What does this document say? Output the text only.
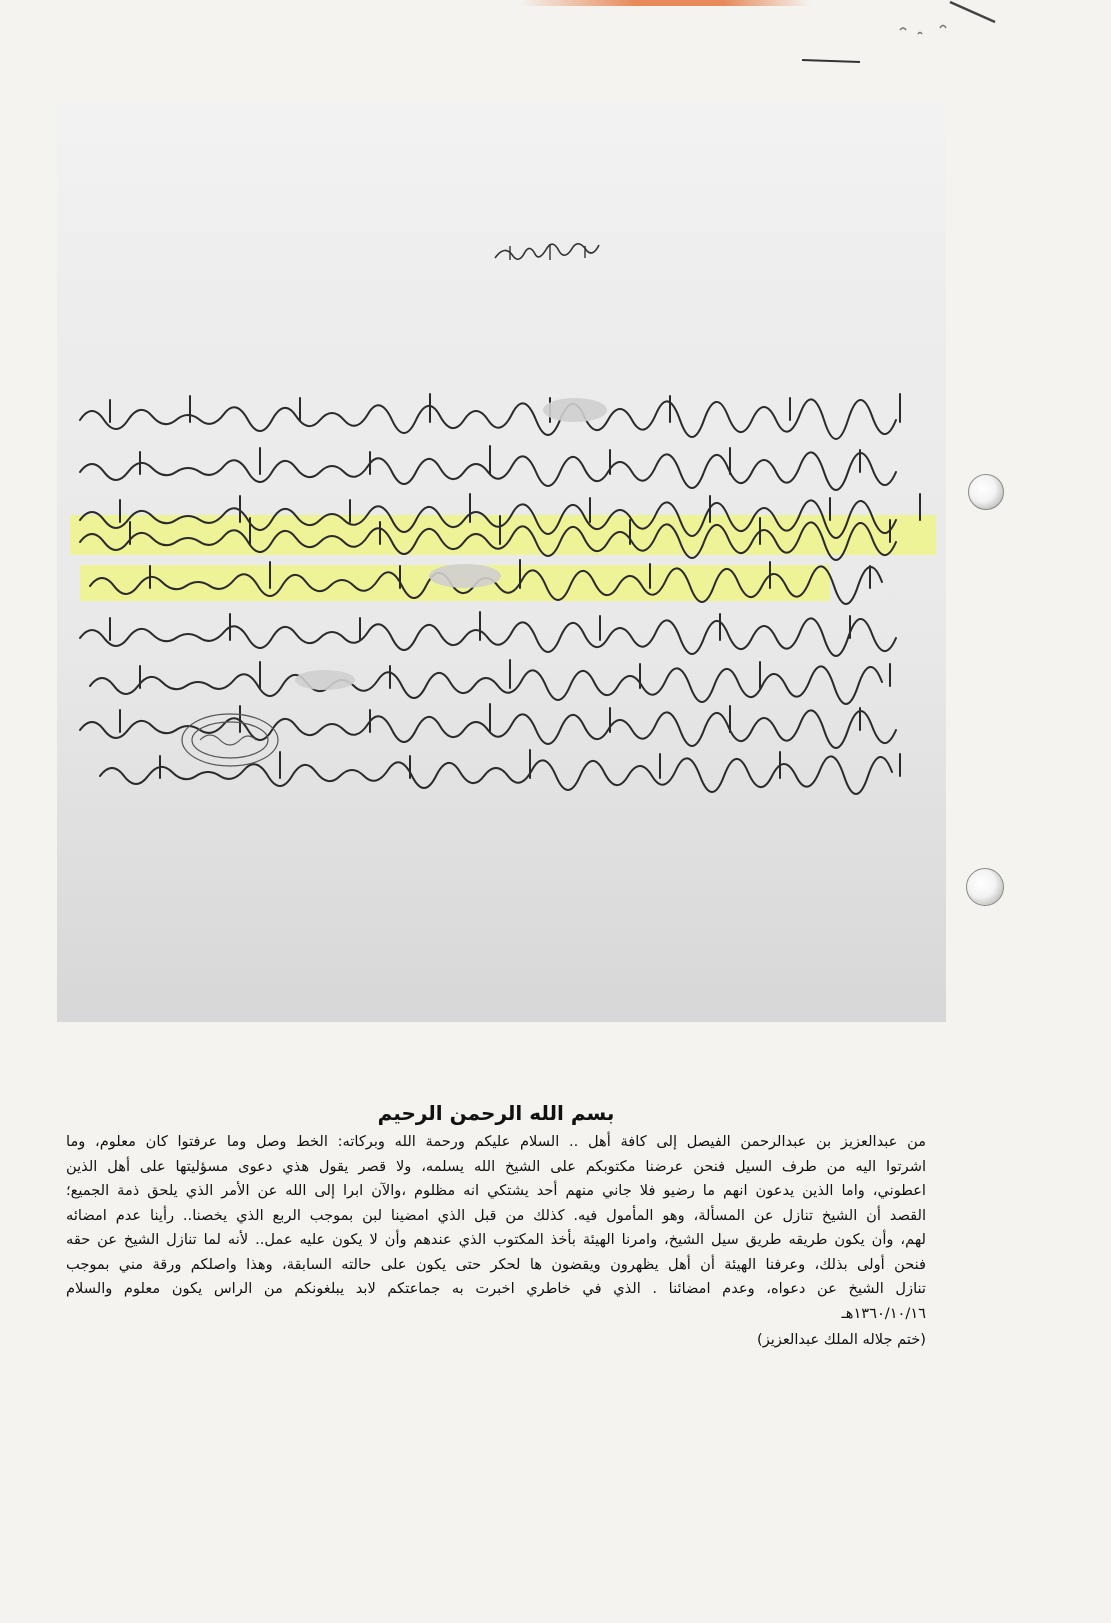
بسم الله الرحمن الرحيم
من عبدالعزيز بن عبدالرحمن الفيصل إلى كافة أهل .. السلام عليكم ورحمة الله وبركاته: الخط وصل وما عرفتوا كان معلوم، وما
اشرتوا اليه من طرف السيل فنحن عرضنا مكتوبكم على الشيخ الله يسلمه، ولا قصر يقول هذي دعوى مسؤليتها على أهل الذين
اعطوني، واما الذين يدعون انهم ما رضيو فلا جاني منهم أحد يشتكي انه مظلوم ،والآن ابرا إلى الله عن الأمر الذي يلحق ذمة الجميع؛
القصد أن الشيخ تنازل عن المسألة، وهو المأمول فيه. كذلك من قبل الذي امضينا لبن بموجب الربع الذي يخصنا.. رأينا عدم امضائه
لهم، وأن يكون طريقه طريق سيل الشيخ، وامرنا الهيئة بأخذ المكتوب الذي عندهم وأن لا يكون عليه عمل.. لأنه لما تنازل الشيخ عن حقه
فنحن أولى بذلك، وعرفنا الهيئة أن أهل يظهرون ويقضون ها لحكر حتى يكون على حالته السابقة، وهذا واصلكم ورقة مني بموجب
تنازل الشيخ عن دعواه، وعدم امضائنا . الذي في خاطري اخبرت به جماعتكم لابد يبلغونكم من الراس يكون معلوم والسلام
١٣٦٠/١٠/١٦هـ
(ختم جلاله الملك عبدالعزيز)
